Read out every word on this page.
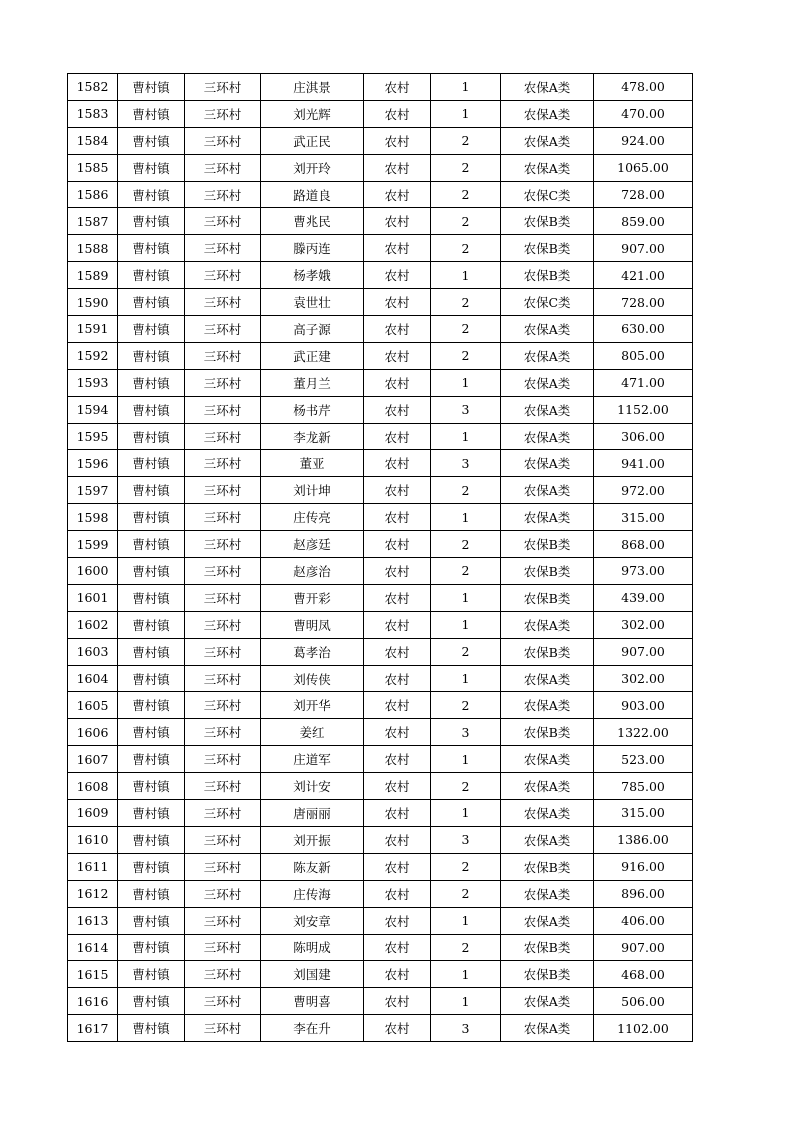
1582	曹村镇	三环村	庄淇景	农村	1	农保A类	478.00
1583	曹村镇	三环村	刘光辉	农村	1	农保A类	470.00
1584	曹村镇	三环村	武正民	农村	2	农保A类	924.00
1585	曹村镇	三环村	刘开玲	农村	2	农保A类	1065.00
1586	曹村镇	三环村	路道良	农村	2	农保C类	728.00
1587	曹村镇	三环村	曹兆民	农村	2	农保B类	859.00
1588	曹村镇	三环村	滕丙连	农村	2	农保B类	907.00
1589	曹村镇	三环村	杨孝娥	农村	1	农保B类	421.00
1590	曹村镇	三环村	袁世壮	农村	2	农保C类	728.00
1591	曹村镇	三环村	高子源	农村	2	农保A类	630.00
1592	曹村镇	三环村	武正建	农村	2	农保A类	805.00
1593	曹村镇	三环村	董月兰	农村	1	农保A类	471.00
1594	曹村镇	三环村	杨书芹	农村	3	农保A类	1152.00
1595	曹村镇	三环村	李龙新	农村	1	农保A类	306.00
1596	曹村镇	三环村	董亚	农村	3	农保A类	941.00
1597	曹村镇	三环村	刘计坤	农村	2	农保A类	972.00
1598	曹村镇	三环村	庄传亮	农村	1	农保A类	315.00
1599	曹村镇	三环村	赵彦廷	农村	2	农保B类	868.00
1600	曹村镇	三环村	赵彦治	农村	2	农保B类	973.00
1601	曹村镇	三环村	曹开彩	农村	1	农保B类	439.00
1602	曹村镇	三环村	曹明凤	农村	1	农保A类	302.00
1603	曹村镇	三环村	葛孝治	农村	2	农保B类	907.00
1604	曹村镇	三环村	刘传侠	农村	1	农保A类	302.00
1605	曹村镇	三环村	刘开华	农村	2	农保A类	903.00
1606	曹村镇	三环村	姜红	农村	3	农保B类	1322.00
1607	曹村镇	三环村	庄道军	农村	1	农保A类	523.00
1608	曹村镇	三环村	刘计安	农村	2	农保A类	785.00
1609	曹村镇	三环村	唐丽丽	农村	1	农保A类	315.00
1610	曹村镇	三环村	刘开振	农村	3	农保A类	1386.00
1611	曹村镇	三环村	陈友新	农村	2	农保B类	916.00
1612	曹村镇	三环村	庄传海	农村	2	农保A类	896.00
1613	曹村镇	三环村	刘安章	农村	1	农保A类	406.00
1614	曹村镇	三环村	陈明成	农村	2	农保B类	907.00
1615	曹村镇	三环村	刘国建	农村	1	农保B类	468.00
1616	曹村镇	三环村	曹明喜	农村	1	农保A类	506.00
1617	曹村镇	三环村	李在升	农村	3	农保A类	1102.00
